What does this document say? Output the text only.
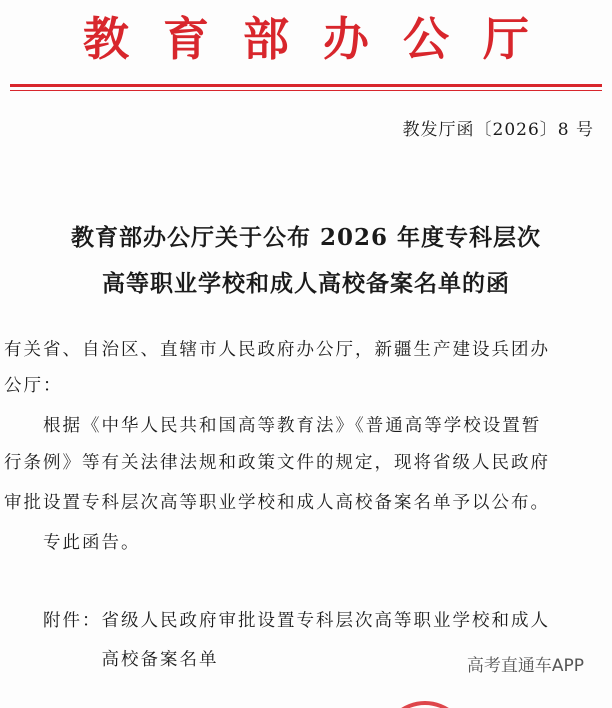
教育部办公厅
教发厅函〔2026〕8 号
教育部办公厅关于公布 2026 年度专科层次
高等职业学校和成人高校备案名单的函
有关省、自治区、直辖市人民政府办公厅，新疆生产建设兵团办
公厅：
　　根据《中华人民共和国高等教育法》《普通高等学校设置暂
行条例》等有关法律法规和政策文件的规定，现将省级人民政府
审批设置专科层次高等职业学校和成人高校备案名单予以公布。
　　专此函告。
　　附件：省级人民政府审批设置专科层次高等职业学校和成人
　　　　　高校备案名单	高考直通车APP
